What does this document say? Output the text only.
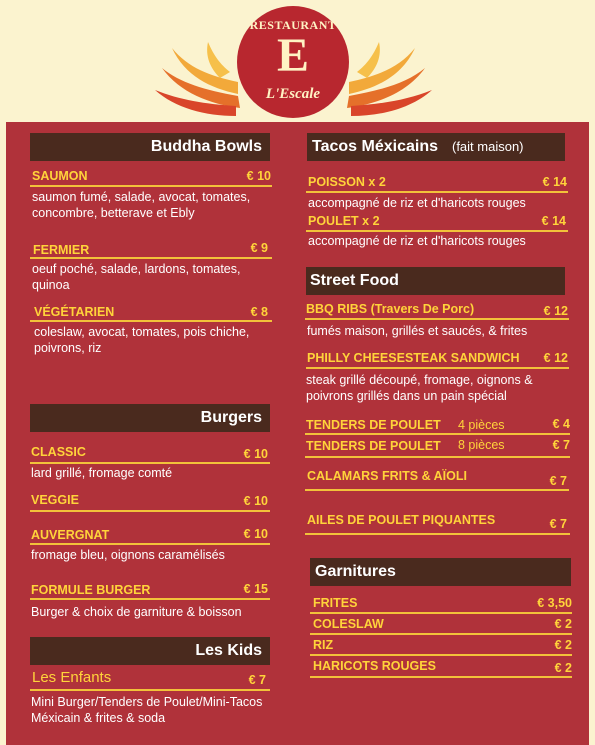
RESTAURANT
E
L'Escale
Buddha Bowls
SAUMON	€ 10
saumon fumé, salade, avocat, tomates, concombre, betterave et Ebly
FERMIER	€ 9
oeuf poché, salade, lardons, tomates, quinoa
VÉGÉTARIEN	€ 8
coleslaw, avocat, tomates, pois chiche, poivrons, riz
Burgers
CLASSIC	€ 10
lard grillé, fromage comté
VEGGIE	€ 10
AUVERGNAT	€ 10
fromage bleu, oignons caramélisés
FORMULE BURGER	€ 15
Burger & choix de garniture & boisson
Les Kids
Les Enfants	€ 7
Mini Burger/Tenders de Poulet/Mini-Tacos Méxicain & frites & soda
Tacos Méxicains (fait maison)
POISSON x 2	€ 14
accompagné de riz et d'haricots rouges
POULET x 2	€ 14
accompagné de riz et d'haricots rouges
Street Food
BBQ RIBS (Travers De Porc)	€ 12
fumés maison, grillés et saucés, & frites
PHILLY CHEESESTEAK SANDWICH	€ 12
steak grillé découpé, fromage, oignons & poivrons grillés dans un pain spécial
TENDERS DE POULET 4 pièces	€ 4
TENDERS DE POULET 8 pièces	€ 7
CALAMARS FRITS & AÏOLI	€ 7
AILES DE POULET PIQUANTES	€ 7
Garnitures
FRITES	€ 3,50
COLESLAW	€ 2
RIZ	€ 2
HARICOTS ROUGES	€ 2
